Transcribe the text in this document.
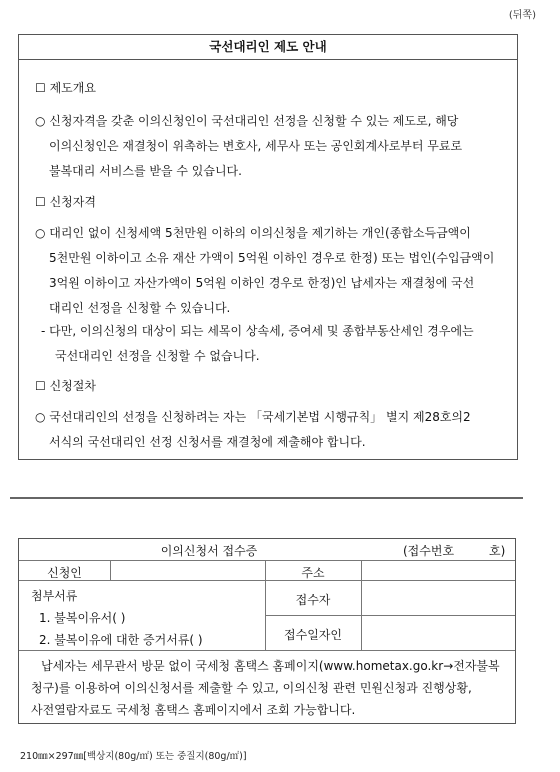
(뒤쪽)
국선대리인 제도 안내
☐ 제도개요
○ 신청자격을 갖춘 이의신청인이 국선대리인 선정을 신청할 수 있는 제도로, 해당
이의신청인은 재결청이 위촉하는 변호사, 세무사 또는 공인회계사로부터 무료로
불복대리 서비스를 받을 수 있습니다.
☐ 신청자격
○ 대리인 없이 신청세액 5천만원 이하의 이의신청을 제기하는 개인(종합소득금액이
5천만원 이하이고 소유 재산 가액이 5억원 이하인 경우로 한정) 또는 법인(수입금액이
3억원 이하이고 자산가액이 5억원 이하인 경우로 한정)인 납세자는 재결청에 국선
대리인 선정을 신청할 수 있습니다.
- 다만, 이의신청의 대상이 되는 세목이 상속세, 증여세 및 종합부동산세인 경우에는
국선대리인 선정을 신청할 수 없습니다.
☐ 신청절차
○ 국선대리인의 선정을 신청하려는 자는 「국세기본법 시행규칙」 별지 제28호의2
서식의 국선대리인 선정 신청서를 재결청에 제출해야 합니다.
이의신청서 접수증	(접수번호	호)
신청인	주소
첨부서류
1. 불복이유서( )
2. 불복이유에 대한 증거서류( )
접수자
접수일자인
납세자는 세무관서 방문 없이 국세청 홈택스 홈페이지(www.hometax.go.kr→전자불복
청구)를 이용하여 이의신청서를 제출할 수 있고, 이의신청 관련 민원신청과 진행상황,
사전열람자료도 국세청 홈택스 홈페이지에서 조회 가능합니다.
210㎜×297㎜[백상지(80g/㎡) 또는 중질지(80g/㎡)]
